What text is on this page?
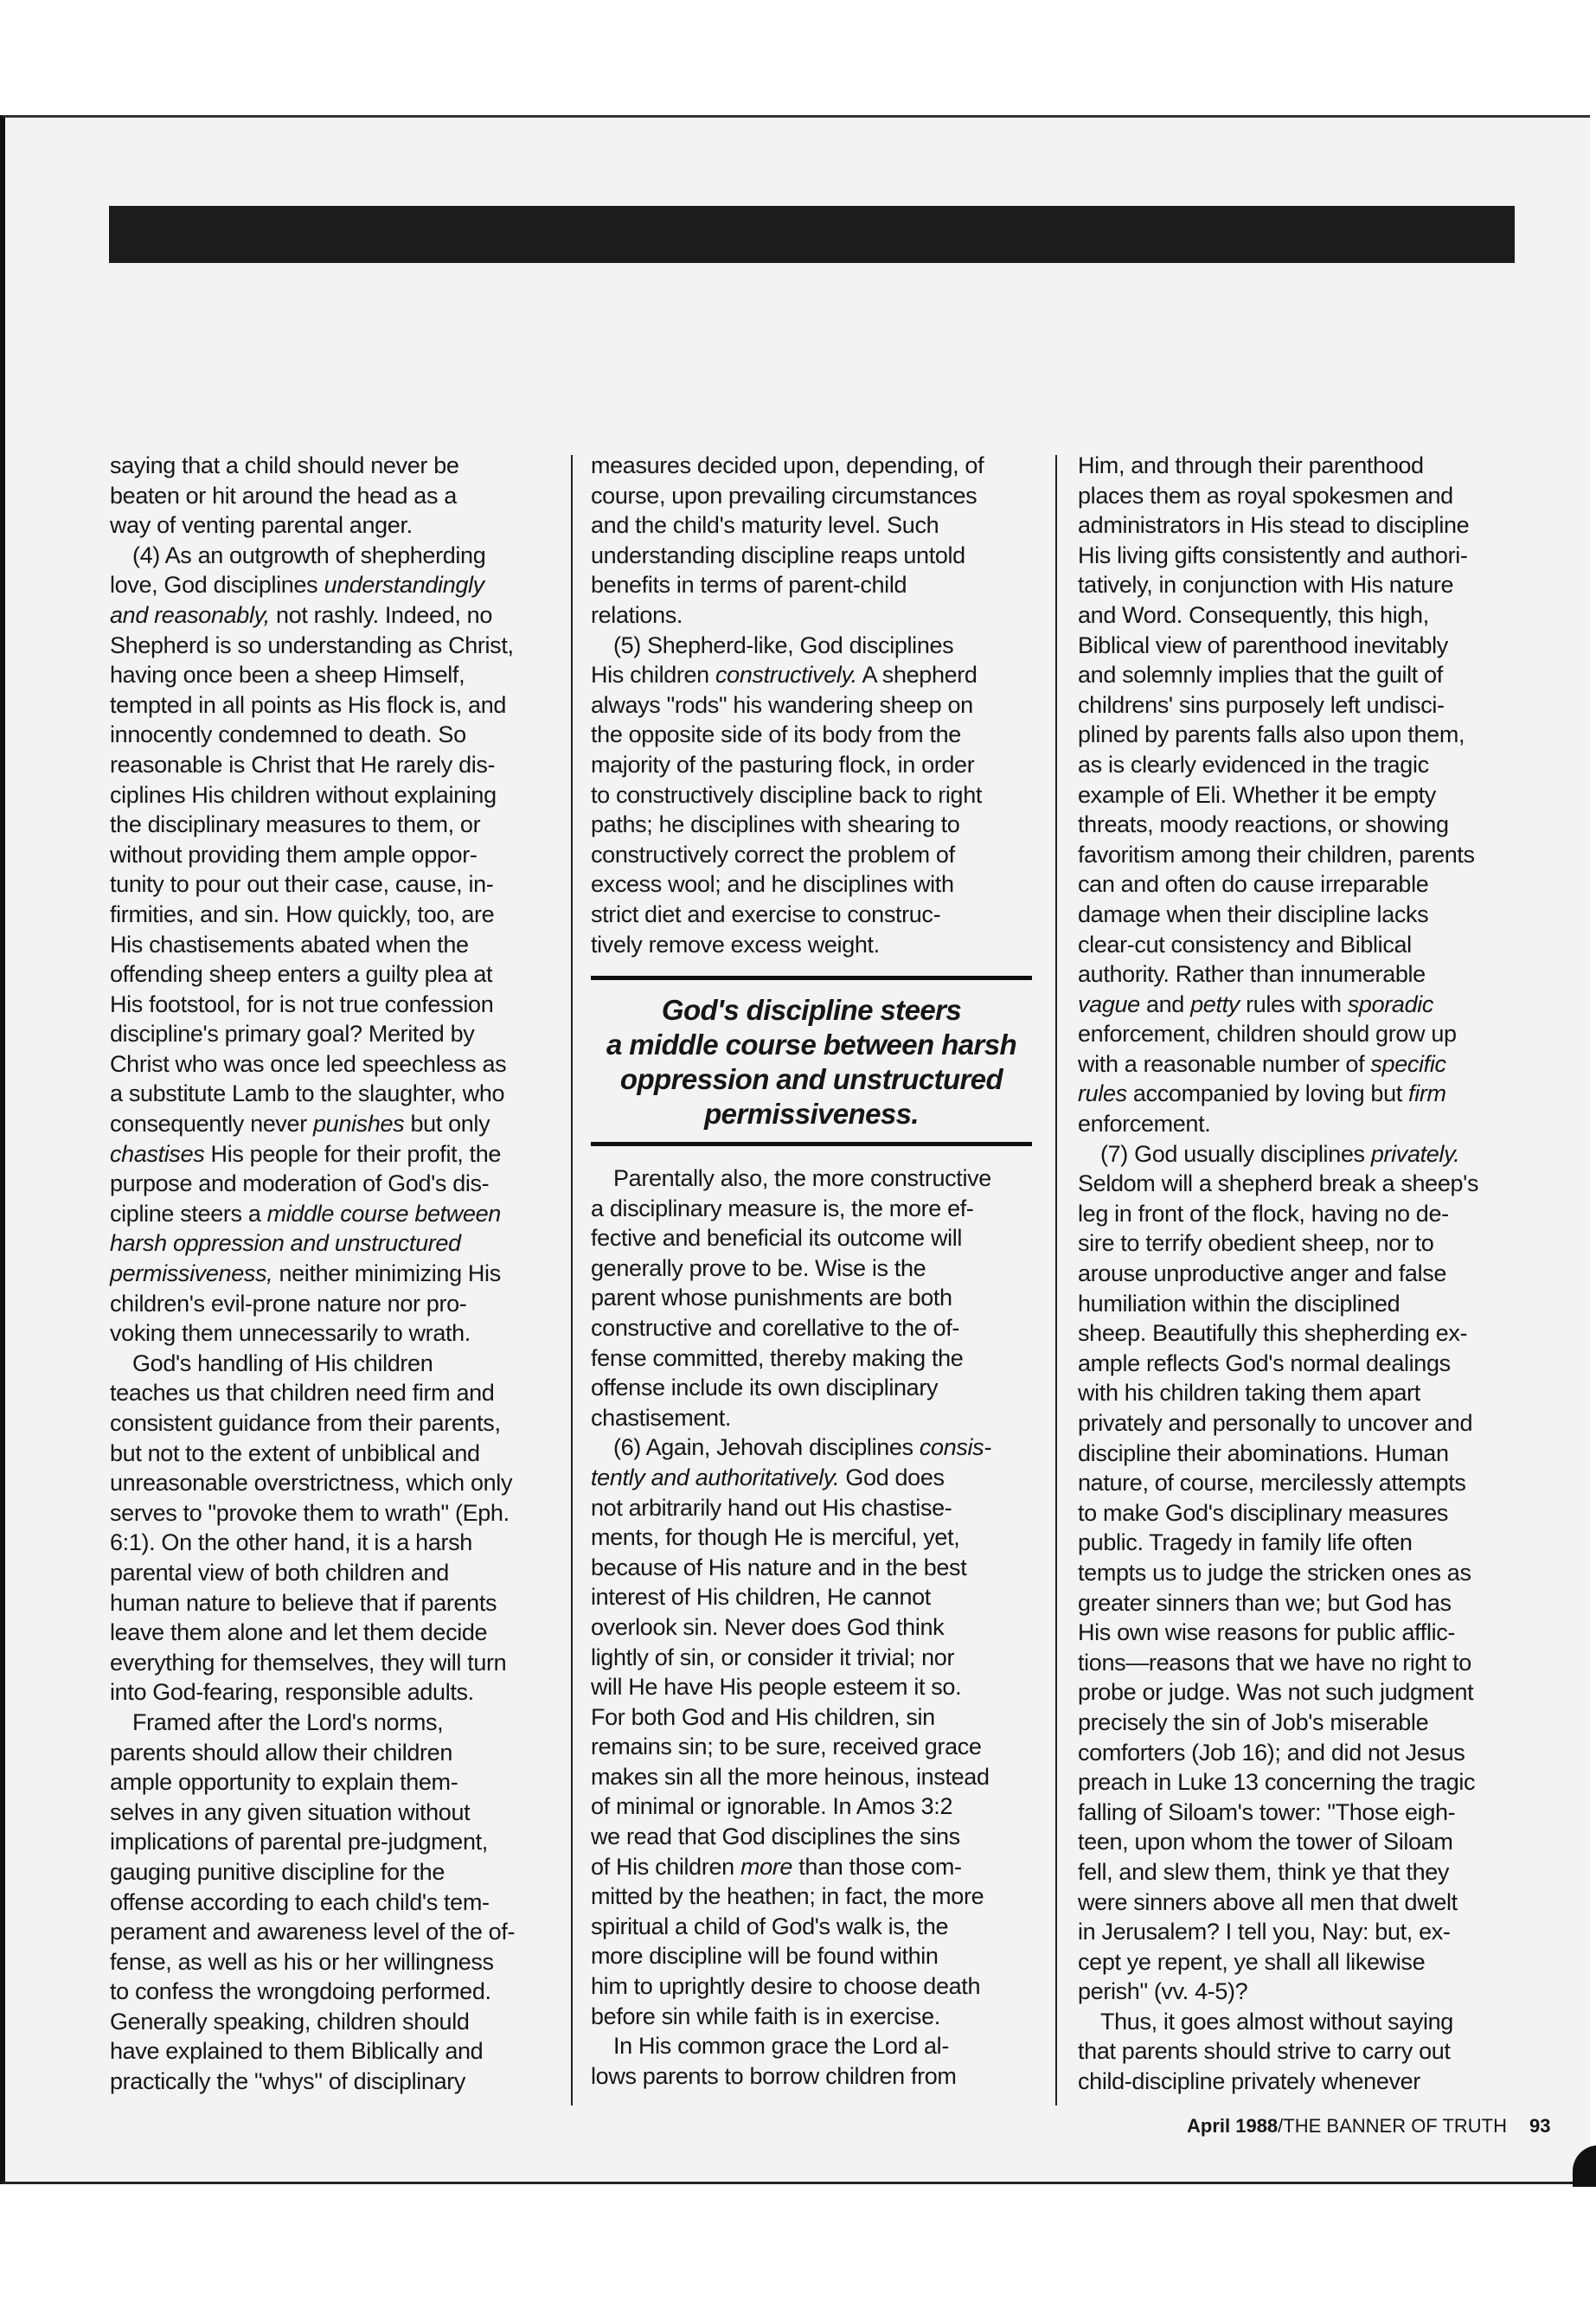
saying that a child should never be
beaten or hit around the head as a
way of venting parental anger.
(4) As an outgrowth of shepherding
love, God disciplines understandingly
and reasonably, not rashly. Indeed, no
Shepherd is so understanding as Christ,
having once been a sheep Himself,
tempted in all points as His flock is, and
innocently condemned to death. So
reasonable is Christ that He rarely dis-
ciplines His children without explaining
the disciplinary measures to them, or
without providing them ample oppor-
tunity to pour out their case, cause, in-
firmities, and sin. How quickly, too, are
His chastisements abated when the
offending sheep enters a guilty plea at
His footstool, for is not true confession
discipline's primary goal? Merited by
Christ who was once led speechless as
a substitute Lamb to the slaughter, who
consequently never punishes but only
chastises His people for their profit, the
purpose and moderation of God's dis-
cipline steers a middle course between
harsh oppression and unstructured
permissiveness, neither minimizing His
children's evil-prone nature nor pro-
voking them unnecessarily to wrath.
God's handling of His children
teaches us that children need firm and
consistent guidance from their parents,
but not to the extent of unbiblical and
unreasonable overstrictness, which only
serves to "provoke them to wrath" (Eph.
6:1). On the other hand, it is a harsh
parental view of both children and
human nature to believe that if parents
leave them alone and let them decide
everything for themselves, they will turn
into God-fearing, responsible adults.
Framed after the Lord's norms,
parents should allow their children
ample opportunity to explain them-
selves in any given situation without
implications of parental pre-judgment,
gauging punitive discipline for the
offense according to each child's tem-
perament and awareness level of the of-
fense, as well as his or her willingness
to confess the wrongdoing performed.
Generally speaking, children should
have explained to them Biblically and
practically the "whys" of disciplinary
measures decided upon, depending, of
course, upon prevailing circumstances
and the child's maturity level. Such
understanding discipline reaps untold
benefits in terms of parent-child
relations.
(5) Shepherd-like, God disciplines
His children constructively. A shepherd
always "rods" his wandering sheep on
the opposite side of its body from the
majority of the pasturing flock, in order
to constructively discipline back to right
paths; he disciplines with shearing to
constructively correct the problem of
excess wool; and he disciplines with
strict diet and exercise to construc-
tively remove excess weight.
Parentally also, the more constructive
a disciplinary measure is, the more ef-
fective and beneficial its outcome will
generally prove to be. Wise is the
parent whose punishments are both
constructive and corellative to the of-
fense committed, thereby making the
offense include its own disciplinary
chastisement.
(6) Again, Jehovah disciplines consis-
tently and authoritatively. God does
not arbitrarily hand out His chastise-
ments, for though He is merciful, yet,
because of His nature and in the best
interest of His children, He cannot
overlook sin. Never does God think
lightly of sin, or consider it trivial; nor
will He have His people esteem it so.
For both God and His children, sin
remains sin; to be sure, received grace
makes sin all the more heinous, instead
of minimal or ignorable. In Amos 3:2
we read that God disciplines the sins
of His children more than those com-
mitted by the heathen; in fact, the more
spiritual a child of God's walk is, the
more discipline will be found within
him to uprightly desire to choose death
before sin while faith is in exercise.
In His common grace the Lord al-
lows parents to borrow children from
Him, and through their parenthood
places them as royal spokesmen and
administrators in His stead to discipline
His living gifts consistently and authori-
tatively, in conjunction with His nature
and Word. Consequently, this high,
Biblical view of parenthood inevitably
and solemnly implies that the guilt of
childrens' sins purposely left undisci-
plined by parents falls also upon them,
as is clearly evidenced in the tragic
example of Eli. Whether it be empty
threats, moody reactions, or showing
favoritism among their children, parents
can and often do cause irreparable
damage when their discipline lacks
clear-cut consistency and Biblical
authority. Rather than innumerable
vague and petty rules with sporadic
enforcement, children should grow up
with a reasonable number of specific
rules accompanied by loving but firm
enforcement.
(7) God usually disciplines privately.
Seldom will a shepherd break a sheep's
leg in front of the flock, having no de-
sire to terrify obedient sheep, nor to
arouse unproductive anger and false
humiliation within the disciplined
sheep. Beautifully this shepherding ex-
ample reflects God's normal dealings
with his children taking them apart
privately and personally to uncover and
discipline their abominations. Human
nature, of course, mercilessly attempts
to make God's disciplinary measures
public. Tragedy in family life often
tempts us to judge the stricken ones as
greater sinners than we; but God has
His own wise reasons for public afflic-
tions—reasons that we have no right to
probe or judge. Was not such judgment
precisely the sin of Job's miserable
comforters (Job 16); and did not Jesus
preach in Luke 13 concerning the tragic
falling of Siloam's tower: "Those eigh-
teen, upon whom the tower of Siloam
fell, and slew them, think ye that they
were sinners above all men that dwelt
in Jerusalem? I tell you, Nay: but, ex-
cept ye repent, ye shall all likewise
perish" (vv. 4-5)?
Thus, it goes almost without saying
that parents should strive to carry out
child-discipline privately whenever
God's discipline steers
a middle course between harsh
oppression and unstructured
permissiveness.
April 1988/THE BANNER OF TRUTH 93
